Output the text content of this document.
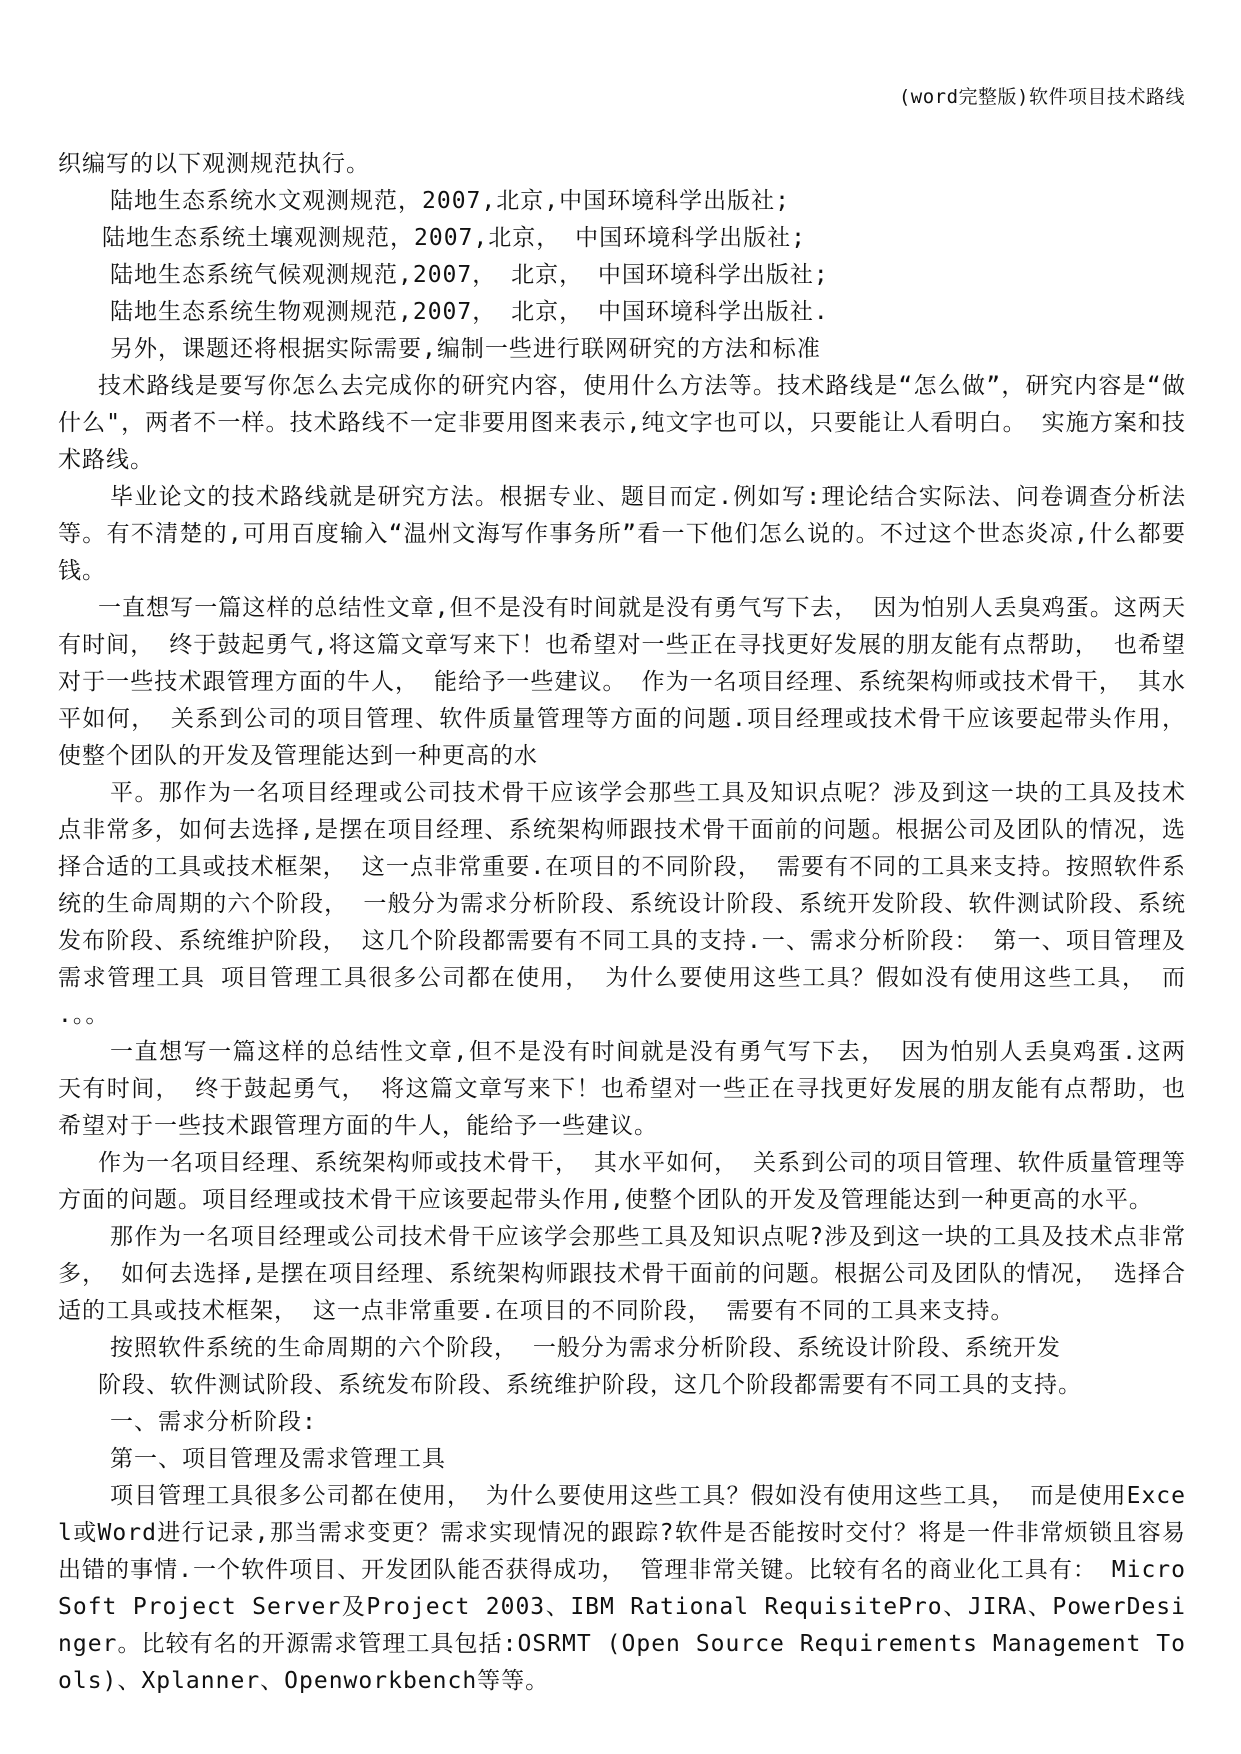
(word完整版)软件项目技术路线

织编写的以下观测规范执行。

陆地生态系统水文观测规范，2007,北京,中国环境科学出版社;

陆地生态系统土壤观测规范，2007,北京， 中国环境科学出版社;

陆地生态系统气候观测规范,2007， 北京， 中国环境科学出版社;

陆地生态系统生物观测规范,2007， 北京， 中国环境科学出版社.

另外，课题还将根据实际需要,编制一些进行联网研究的方法和标准

技术路线是要写你怎么去完成你的研究内容，使用什么方法等。技术路线是“怎么做”，研究内容是“做什么"，两者不一样。技术路线不一定非要用图来表示,纯文字也可以，只要能让人看明白。 实施方案和技术路线。

毕业论文的技术路线就是研究方法。根据专业、题目而定.例如写:理论结合实际法、问卷调查分析法等。有不清楚的,可用百度输入“温州文海写作事务所”看一下他们怎么说的。不过这个世态炎凉,什么都要钱。

一直想写一篇这样的总结性文章,但不是没有时间就是没有勇气写下去， 因为怕别人丢臭鸡蛋。这两天有时间， 终于鼓起勇气,将这篇文章写来下！也希望对一些正在寻找更好发展的朋友能有点帮助， 也希望对于一些技术跟管理方面的牛人， 能给予一些建议。 作为一名项目经理、系统架构师或技术骨干， 其水平如何， 关系到公司的项目管理、软件质量管理等方面的问题.项目经理或技术骨干应该要起带头作用， 使整个团队的开发及管理能达到一种更高的水

平。那作为一名项目经理或公司技术骨干应该学会那些工具及知识点呢？涉及到这一块的工具及技术点非常多，如何去选择,是摆在项目经理、系统架构师跟技术骨干面前的问题。根据公司及团队的情况，选择合适的工具或技术框架， 这一点非常重要.在项目的不同阶段， 需要有不同的工具来支持。按照软件系统的生命周期的六个阶段， 一般分为需求分析阶段、系统设计阶段、系统开发阶段、软件测试阶段、系统发布阶段、系统维护阶段， 这几个阶段都需要有不同工具的支持.一、需求分析阶段： 第一、项目管理及需求管理工具 项目管理工具很多公司都在使用， 为什么要使用这些工具？假如没有使用这些工具， 而 .。。

一直想写一篇这样的总结性文章,但不是没有时间就是没有勇气写下去， 因为怕别人丢臭鸡蛋.这两天有时间， 终于鼓起勇气， 将这篇文章写来下！也希望对一些正在寻找更好发展的朋友能有点帮助，也希望对于一些技术跟管理方面的牛人，能给予一些建议。

作为一名项目经理、系统架构师或技术骨干， 其水平如何， 关系到公司的项目管理、软件质量管理等方面的问题。项目经理或技术骨干应该要起带头作用,使整个团队的开发及管理能达到一种更高的水平。

那作为一名项目经理或公司技术骨干应该学会那些工具及知识点呢?涉及到这一块的工具及技术点非常多， 如何去选择,是摆在项目经理、系统架构师跟技术骨干面前的问题。根据公司及团队的情况， 选择合适的工具或技术框架， 这一点非常重要.在项目的不同阶段， 需要有不同的工具来支持。

按照软件系统的生命周期的六个阶段， 一般分为需求分析阶段、系统设计阶段、系统开发

阶段、软件测试阶段、系统发布阶段、系统维护阶段，这几个阶段都需要有不同工具的支持。

一、需求分析阶段:

第一、项目管理及需求管理工具

项目管理工具很多公司都在使用， 为什么要使用这些工具？假如没有使用这些工具， 而是使用Excel或Word进行记录,那当需求变更？需求实现情况的跟踪?软件是否能按时交付？将是一件非常烦锁且容易出错的事情.一个软件项目、开发团队能否获得成功， 管理非常关键。比较有名的商业化工具有： MicroSoft Project Server及Project 2003、IBM Rational RequisitePro、JIRA、PowerDesinger。比较有名的开源需求管理工具包括:OSRMT (Open Source Requirements Management Tools)、Xplanner、Openworkbench等等。
